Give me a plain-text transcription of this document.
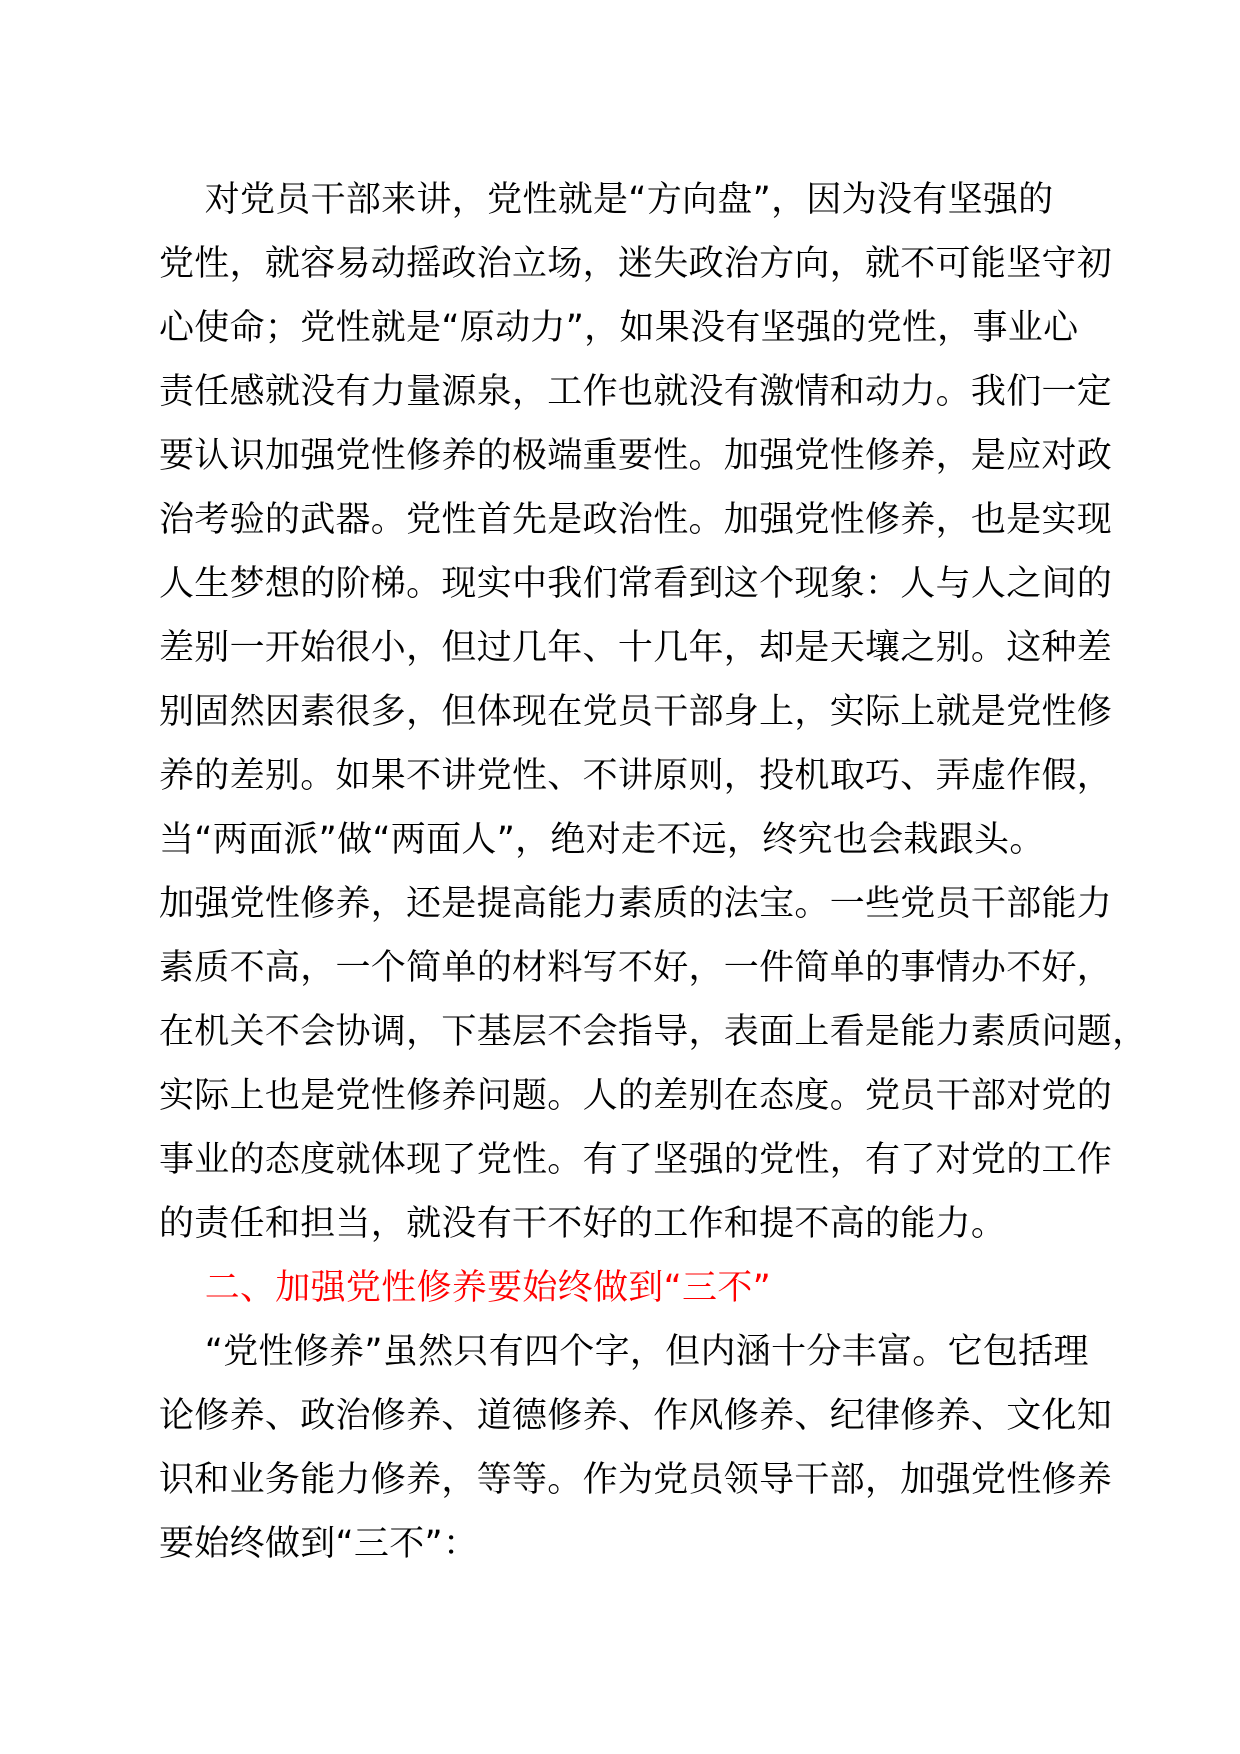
对党员干部来讲，党性就是“方向盘”，因为没有坚强的
党性，就容易动摇政治立场，迷失政治方向，就不可能坚守初
心使命；党性就是“原动力”，如果没有坚强的党性，事业心
责任感就没有力量源泉，工作也就没有激情和动力。我们一定
要认识加强党性修养的极端重要性。加强党性修养，是应对政
治考验的武器。党性首先是政治性。加强党性修养，也是实现
人生梦想的阶梯。现实中我们常看到这个现象：人与人之间的
差别一开始很小，但过几年、十几年，却是天壤之别。这种差
别固然因素很多，但体现在党员干部身上，实际上就是党性修
养的差别。如果不讲党性、不讲原则，投机取巧、弄虚作假，
当“两面派”做“两面人”，绝对走不远，终究也会栽跟头。
加强党性修养，还是提高能力素质的法宝。一些党员干部能力
素质不高，一个简单的材料写不好，一件简单的事情办不好，
在机关不会协调，下基层不会指导，表面上看是能力素质问题，
实际上也是党性修养问题。人的差别在态度。党员干部对党的
事业的态度就体现了党性。有了坚强的党性，有了对党的工作
的责任和担当，就没有干不好的工作和提不高的能力。
二、加强党性修养要始终做到“三不”
“党性修养”虽然只有四个字，但内涵十分丰富。它包括理
论修养、政治修养、道德修养、作风修养、纪律修养、文化知
识和业务能力修养，等等。作为党员领导干部，加强党性修养
要始终做到“三不”：
